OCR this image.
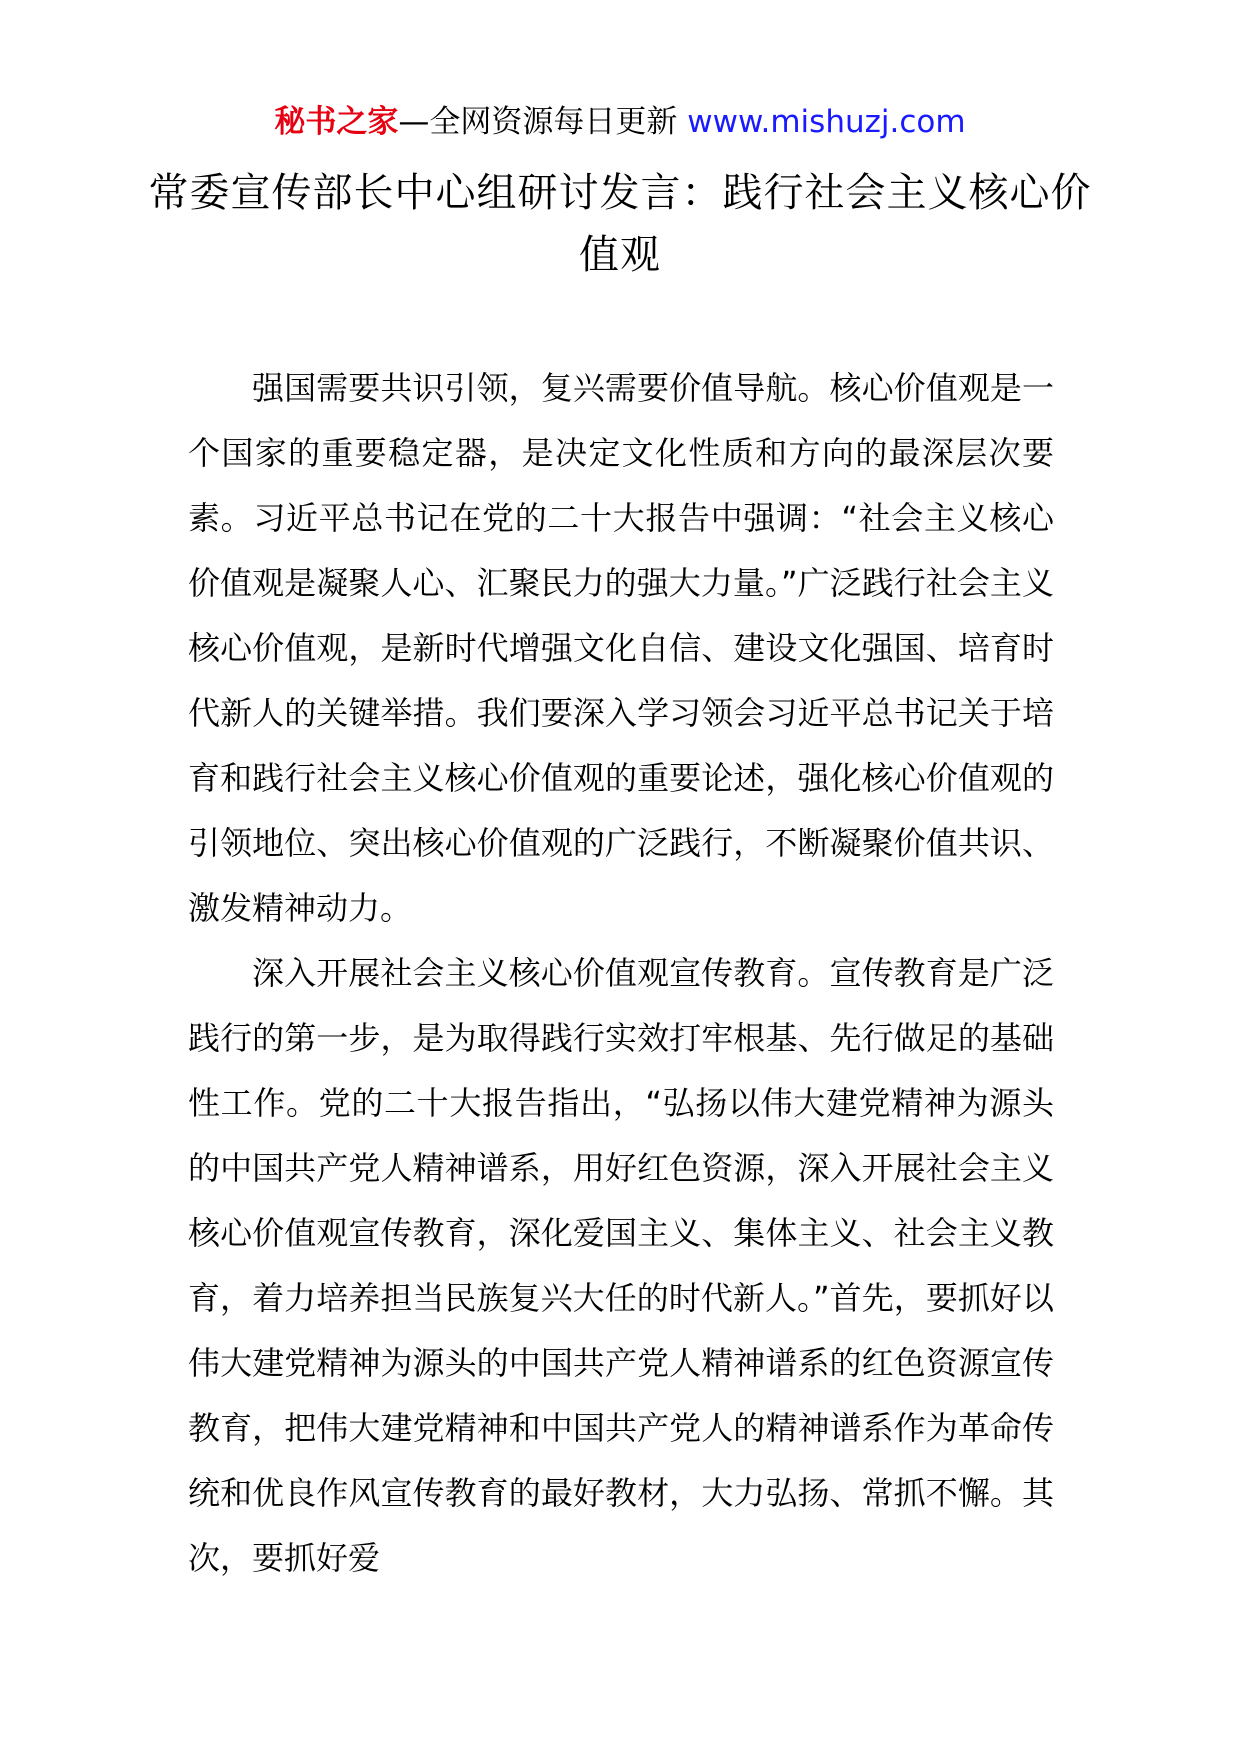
秘书之家—全网资源每日更新 www.mishuzj.com
常委宣传部长中心组研讨发言：践行社会主义核心价值观

强国需要共识引领，复兴需要价值导航。核心价值观是一个国家的重要稳定器，是决定文化性质和方向的最深层次要素。习近平总书记在党的二十大报告中强调：“社会主义核心价值观是凝聚人心、汇聚民力的强大力量。”广泛践行社会主义核心价值观，是新时代增强文化自信、建设文化强国、培育时代新人的关键举措。我们要深入学习领会习近平总书记关于培育和践行社会主义核心价值观的重要论述，强化核心价值观的引领地位、突出核心价值观的广泛践行，不断凝聚价值共识、激发精神动力。

深入开展社会主义核心价值观宣传教育。宣传教育是广泛践行的第一步，是为取得践行实效打牢根基、先行做足的基础性工作。党的二十大报告指出，“弘扬以伟大建党精神为源头的中国共产党人精神谱系，用好红色资源，深入开展社会主义核心价值观宣传教育，深化爱国主义、集体主义、社会主义教育，着力培养担当民族复兴大任的时代新人。”首先，要抓好以伟大建党精神为源头的中国共产党人精神谱系的红色资源宣传教育，把伟大建党精神和中国共产党人的精神谱系作为革命传统和优良作风宣传教育的最好教材，大力弘扬、常抓不懈。其次，要抓好爱
